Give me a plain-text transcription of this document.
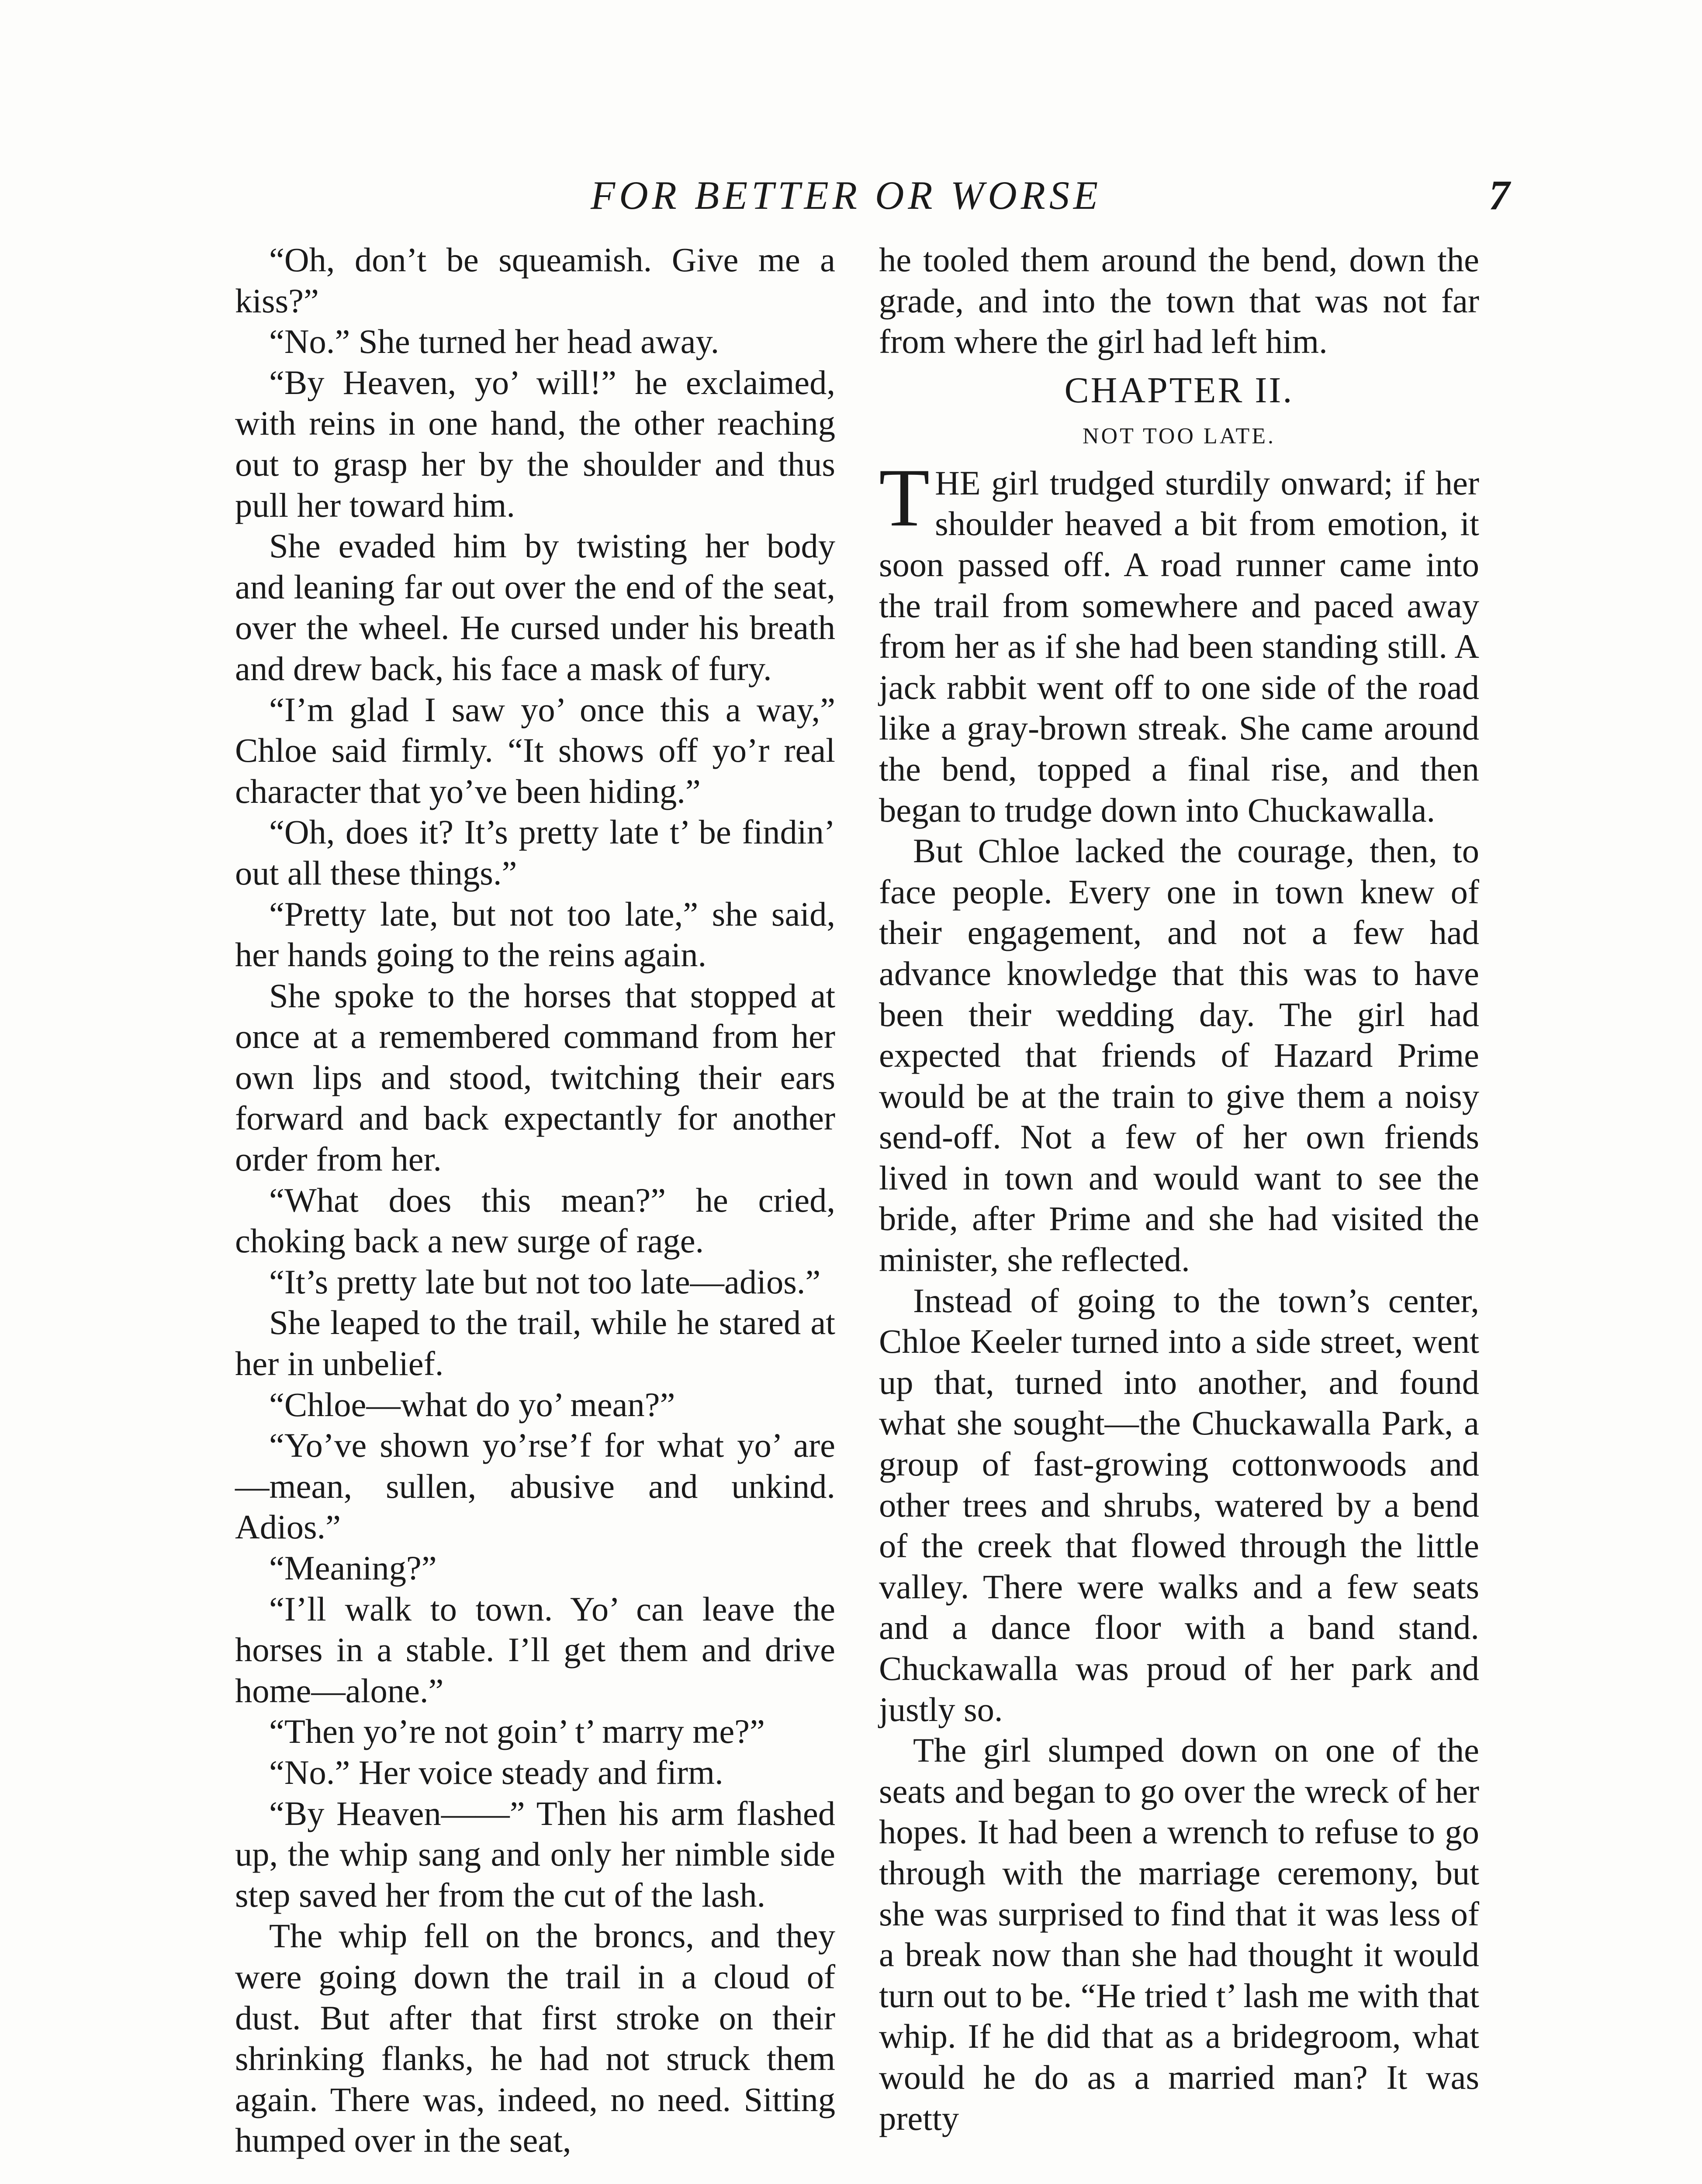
FOR BETTER OR WORSE	7

“Oh, don’t be squeamish. Give me a kiss?”

“No.” She turned her head away.

“By Heaven, yo’ will!” he exclaimed, with reins in one hand, the other reaching out to grasp her by the shoulder and thus pull her toward him.

She evaded him by twisting her body and leaning far out over the end of the seat, over the wheel. He cursed under his breath and drew back, his face a mask of fury.

“I’m glad I saw yo’ once this a way,” Chloe said firmly. “It shows off yo’r real character that yo’ve been hiding.”

“Oh, does it? It’s pretty late t’ be findin’ out all these things.”

“Pretty late, but not too late,” she said, her hands going to the reins again.

She spoke to the horses that stopped at once at a remembered command from her own lips and stood, twitching their ears forward and back expectantly for another order from her.

“What does this mean?” he cried, choking back a new surge of rage.

“It’s pretty late but not too late—adios.”

She leaped to the trail, while he stared at her in unbelief.

“Chloe—what do yo’ mean?”

“Yo’ve shown yo’rse’f for what yo’ are—mean, sullen, abusive and unkind. Adios.”

“Meaning?”

“I’ll walk to town. Yo’ can leave the horses in a stable. I’ll get them and drive home—alone.”

“Then yo’re not goin’ t’ marry me?”

“No.” Her voice steady and firm.

“By Heaven——” Then his arm flashed up, the whip sang and only her nimble side step saved her from the cut of the lash.

The whip fell on the broncs, and they were going down the trail in a cloud of dust. But after that first stroke on their shrinking flanks, he had not struck them again. There was, indeed, no need. Sitting humped over in the seat,

he tooled them around the bend, down the grade, and into the town that was not far from where the girl had left him.

CHAPTER II.
NOT TOO LATE.

THE girl trudged sturdily onward; if her shoulder heaved a bit from emotion, it soon passed off. A road runner came into the trail from somewhere and paced away from her as if she had been standing still. A jack rabbit went off to one side of the road like a gray-brown streak. She came around the bend, topped a final rise, and then began to trudge down into Chuckawalla.

But Chloe lacked the courage, then, to face people. Every one in town knew of their engagement, and not a few had advance knowledge that this was to have been their wedding day. The girl had expected that friends of Hazard Prime would be at the train to give them a noisy send-off. Not a few of her own friends lived in town and would want to see the bride, after Prime and she had visited the minister, she reflected.

Instead of going to the town’s center, Chloe Keeler turned into a side street, went up that, turned into another, and found what she sought—the Chuckawalla Park, a group of fast-growing cottonwoods and other trees and shrubs, watered by a bend of the creek that flowed through the little valley. There were walks and a few seats and a dance floor with a band stand. Chuckawalla was proud of her park and justly so.

The girl slumped down on one of the seats and began to go over the wreck of her hopes. It had been a wrench to refuse to go through with the marriage ceremony, but she was surprised to find that it was less of a break now than she had thought it would turn out to be. “He tried t’ lash me with that whip. If he did that as a bridegroom, what would he do as a married man? It was pretty
